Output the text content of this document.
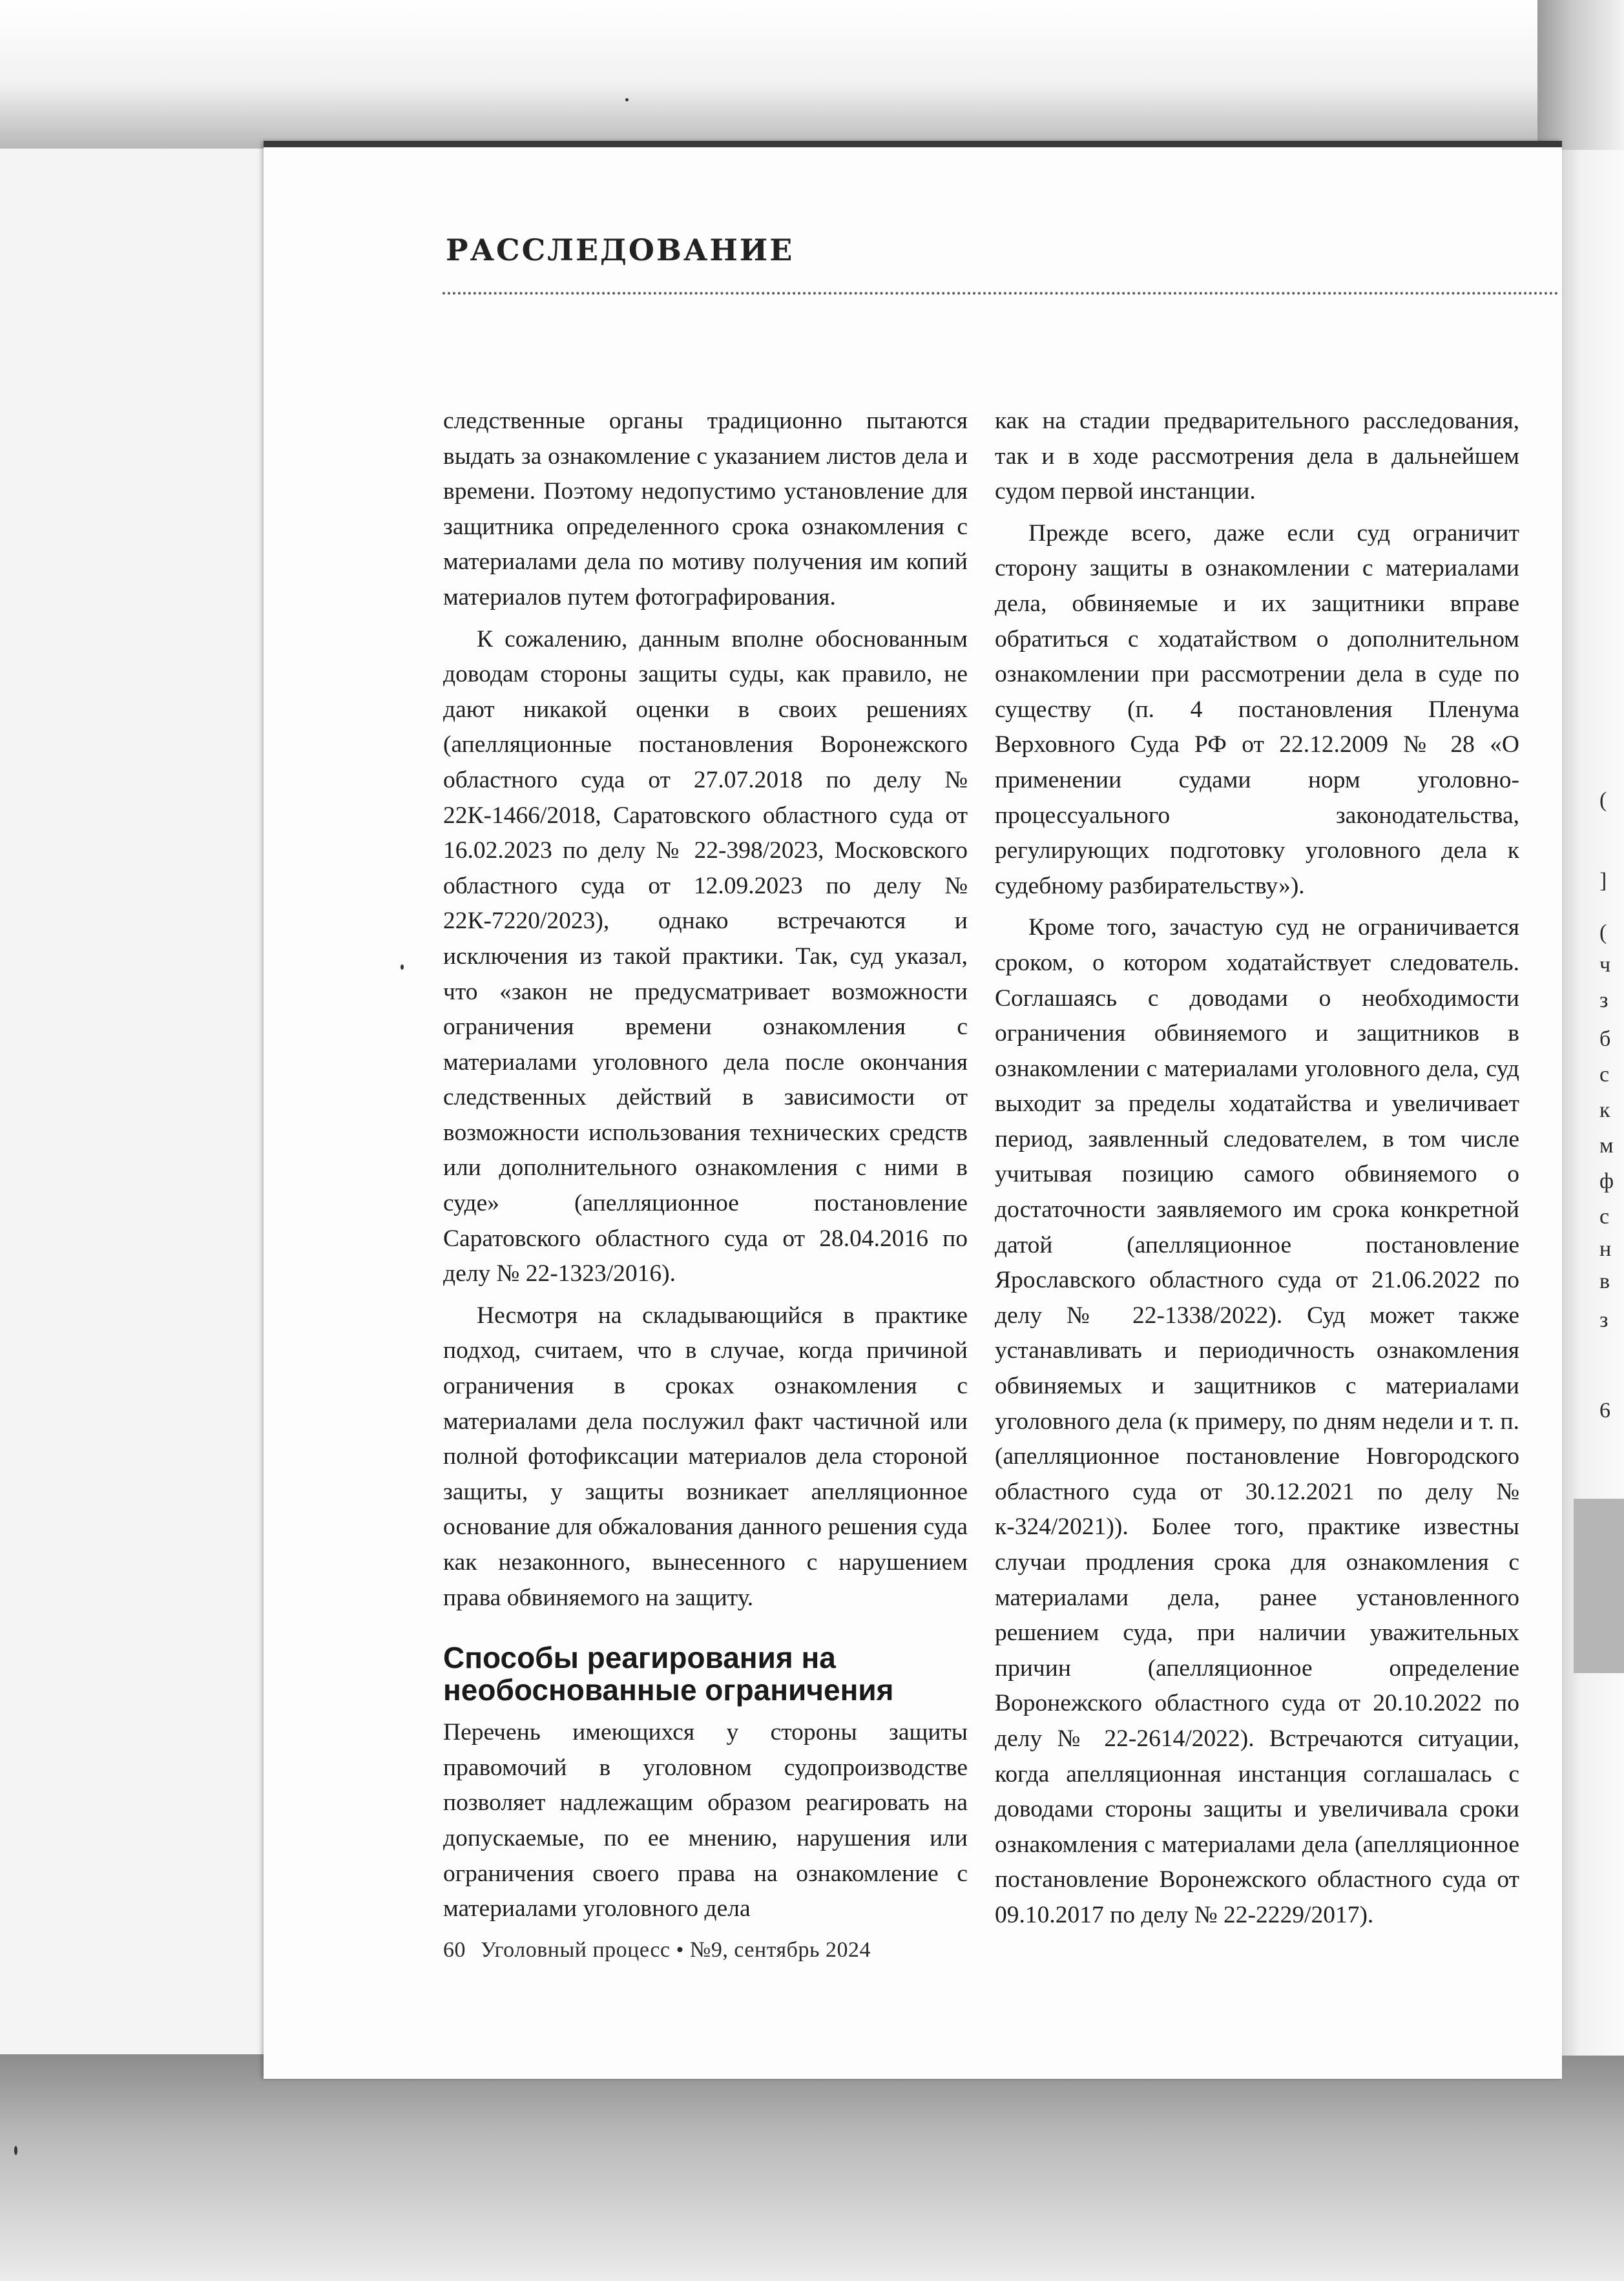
(
]
(
ч
з
б
с
к
м
ф
с
н
в
з
6
РАССЛЕДОВАНИЕ

следственные органы традиционно пытаются выдать за ознакомление с указанием листов дела и времени. Поэтому недопустимо установление для защитника определенного срока ознакомления с материалами дела по мотиву получения им копий материалов путем фотографирования.

К сожалению, данным вполне обоснованным доводам стороны защиты суды, как правило, не дают никакой оценки в своих решениях (апелляционные постановления Воронежского областного суда от 27.07.2018 по делу № 22К-1466/2018, Саратовского областного суда от 16.02.2023 по делу № 22-398/2023, Московского областного суда от 12.09.2023 по делу № 22К-7220/2023), однако встречаются и исключения из такой практики. Так, суд указал, что «закон не предусматривает возможности ограничения времени ознакомления с материалами уголовного дела после окончания следственных действий в зависимости от возможности использования технических средств или дополнительного ознакомления с ними в суде» (апелляционное постановление Саратовского областного суда от 28.04.2016 по делу № 22-1323/2016).

Несмотря на складывающийся в практике подход, считаем, что в случае, когда причиной ограничения в сроках ознакомления с материалами дела послужил факт частичной или полной фотофиксации материалов дела стороной защиты, у защиты возникает апелляционное основание для обжалования данного решения суда как незаконного, вынесенного с нарушением права обвиняемого на защиту.

Способы реагирования на необоснованные ограничения

Перечень имеющихся у стороны защиты правомочий в уголовном судопроизводстве позволяет надлежащим образом реагировать на допускаемые, по ее мнению, нарушения или ограничения своего права на ознакомление с материалами уголовного дела

как на стадии предварительного расследования, так и в ходе рассмотрения дела в дальнейшем судом первой инстанции.

Прежде всего, даже если суд ограничит сторону защиты в ознакомлении с материалами дела, обвиняемые и их защитники вправе обратиться с ходатайством о дополнительном ознакомлении при рассмотрении дела в суде по существу (п. 4 постановления Пленума Верховного Суда РФ от 22.12.2009 № 28 «О применении судами норм уголовно-процессуального законодательства, регулирующих подготовку уголовного дела к судебному разбирательству»).

Кроме того, зачастую суд не ограничивается сроком, о котором ходатайствует следователь. Соглашаясь с доводами о необходимости ограничения обвиняемого и защитников в ознакомлении с материалами уголовного дела, суд выходит за пределы ходатайства и увеличивает период, заявленный следователем, в том числе учитывая позицию самого обвиняемого о достаточности заявляемого им срока конкретной датой (апелляционное постановление Ярославского областного суда от 21.06.2022 по делу № 22-1338/2022). Суд может также устанавливать и периодичность ознакомления обвиняемых и защитников с материалами уголовного дела (к примеру, по дням недели и т. п. (апелляционное постановление Новгородского областного суда от 30.12.2021 по делу № к-324/2021)). Более того, практике известны случаи продления срока для ознакомления с материалами дела, ранее установленного решением суда, при наличии уважительных причин (апелляционное определение Воронежского областного суда от 20.10.2022 по делу № 22-2614/2022). Встречаются ситуации, когда апелляционная инстанция соглашалась с доводами стороны защиты и увеличивала сроки ознакомления с материалами дела (апелляционное постановление Воронежского областного суда от 09.10.2017 по делу № 22-2229/2017).

60 Уголовный процесс • №9, сентябрь 2024
